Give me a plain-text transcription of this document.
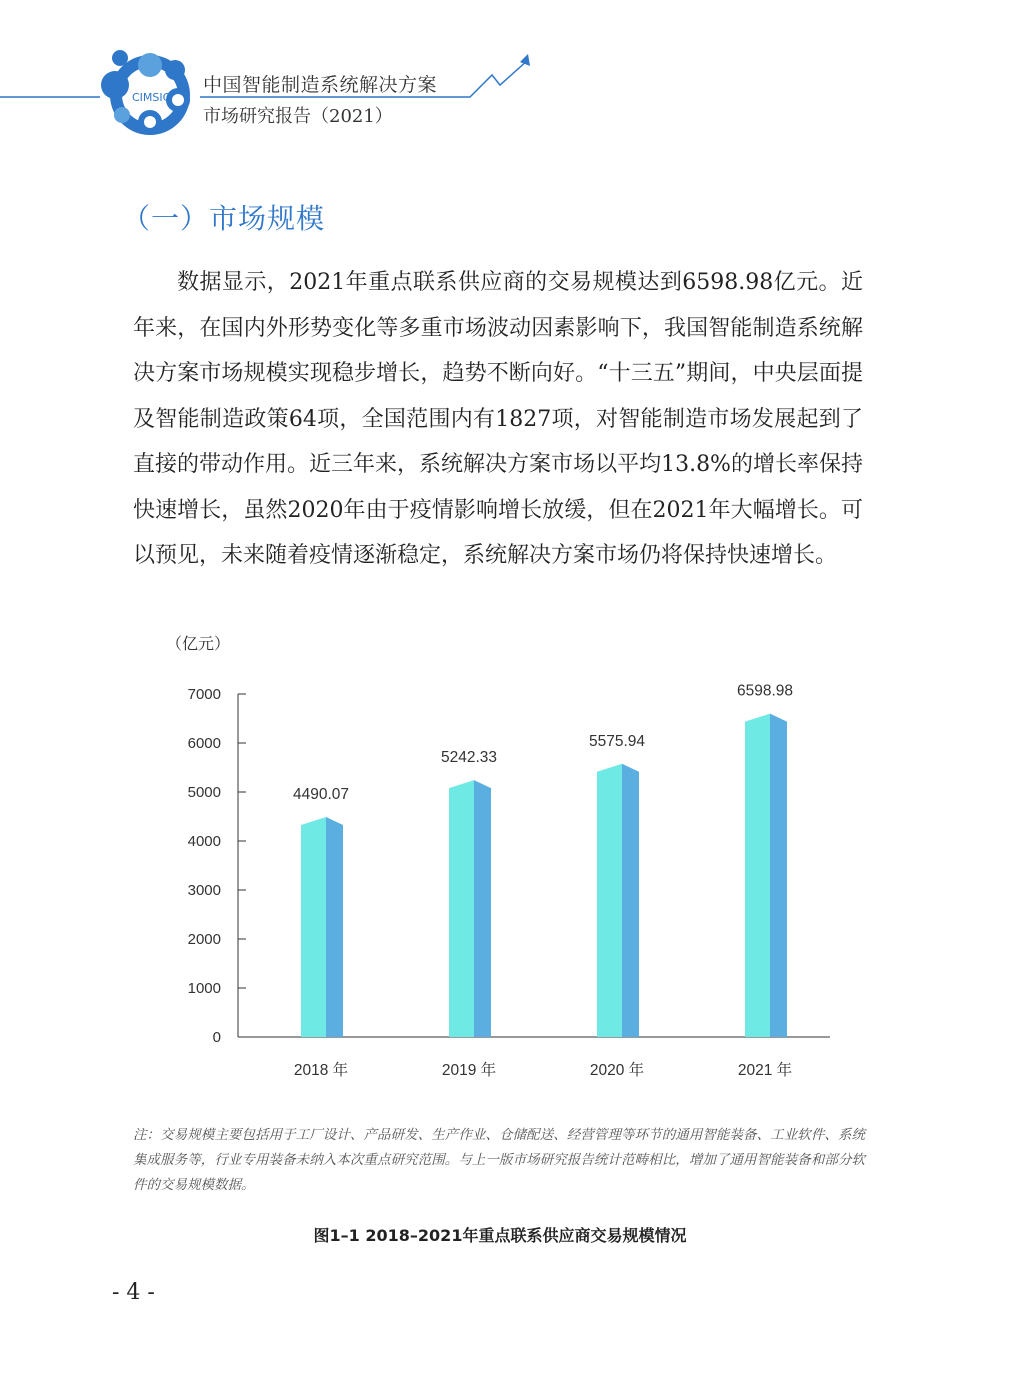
CIMSIC
中国智能制造系统解决方案
市场研究报告（2021）
（一）市场规模

数据显示，2021年重点联系供应商的交易规模达到6598.98亿元。近年来，在国内外形势变化等多重市场波动因素影响下，我国智能制造系统解决方案市场规模实现稳步增长，趋势不断向好。“十三五”期间，中央层面提及智能制造政策64项，全国范围内有1827项，对智能制造市场发展起到了直接的带动作用。近三年来，系统解决方案市场以平均13.8%的增长率保持快速增长，虽然2020年由于疫情影响增长放缓，但在2021年大幅增长。可以预见，未来随着疫情逐渐稳定，系统解决方案市场仍将保持快速增长。

（亿元）
0
1000
2000
3000
4000
5000
6000
7000
4490.07
2018 年
5242.33
2019 年
5575.94
2020 年
6598.98
2021 年
注：交易规模主要包括用于工厂设计、产品研发、生产作业、仓储配送、经营管理等环节的通用智能装备、工业软件、系统集成服务等，行业专用装备未纳入本次重点研究范围。与上一版市场研究报告统计范畴相比，增加了通用智能装备和部分软件的交易规模数据。
图1–1 2018–2021年重点联系供应商交易规模情况
- 4 -
